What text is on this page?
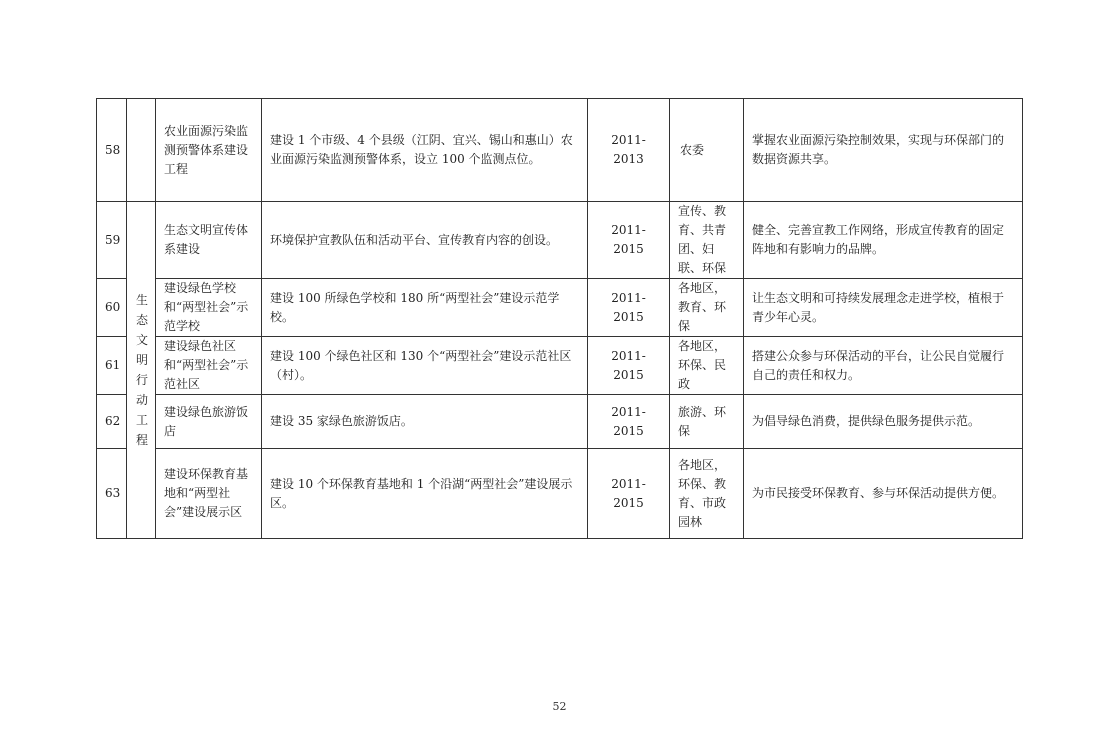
58		农业面源污染监测预警体系建设工程	建设 1 个市级、4 个县级（江阴、宜兴、锡山和惠山）农业面源污染监测预警体系，设立 100 个监测点位。	2011-2013	农委	掌握农业面源污染控制效果，实现与环保部门的数据资源共享。
59	生态文明行动工程	生态文明宣传体系建设	环境保护宣教队伍和活动平台、宣传教育内容的创设。	2011-2015	宣传、教育、共青团、妇联、环保	健全、完善宣教工作网络，形成宣传教育的固定阵地和有影响力的品牌。
60		建设绿色学校和“两型社会”示范学校	建设 100 所绿色学校和 180 所“两型社会”建设示范学校。	2011-2015	各地区，教育、环保	让生态文明和可持续发展理念走进学校，植根于青少年心灵。
61		建设绿色社区和“两型社会”示范社区	建设 100 个绿色社区和 130 个“两型社会”建设示范社区（村）。	2011-2015	各地区，环保、民政	搭建公众参与环保活动的平台，让公民自觉履行自己的责任和权力。
62		建设绿色旅游饭店	建设 35 家绿色旅游饭店。	2011-2015	旅游、环保	为倡导绿色消费，提供绿色服务提供示范。
63		建设环保教育基地和“两型社会”建设展示区	建设 10 个环保教育基地和 1 个沿湖“两型社会”建设展示区。	2011-2015	各地区，环保、教育、市政园林	为市民接受环保教育、参与环保活动提供方便。
52
